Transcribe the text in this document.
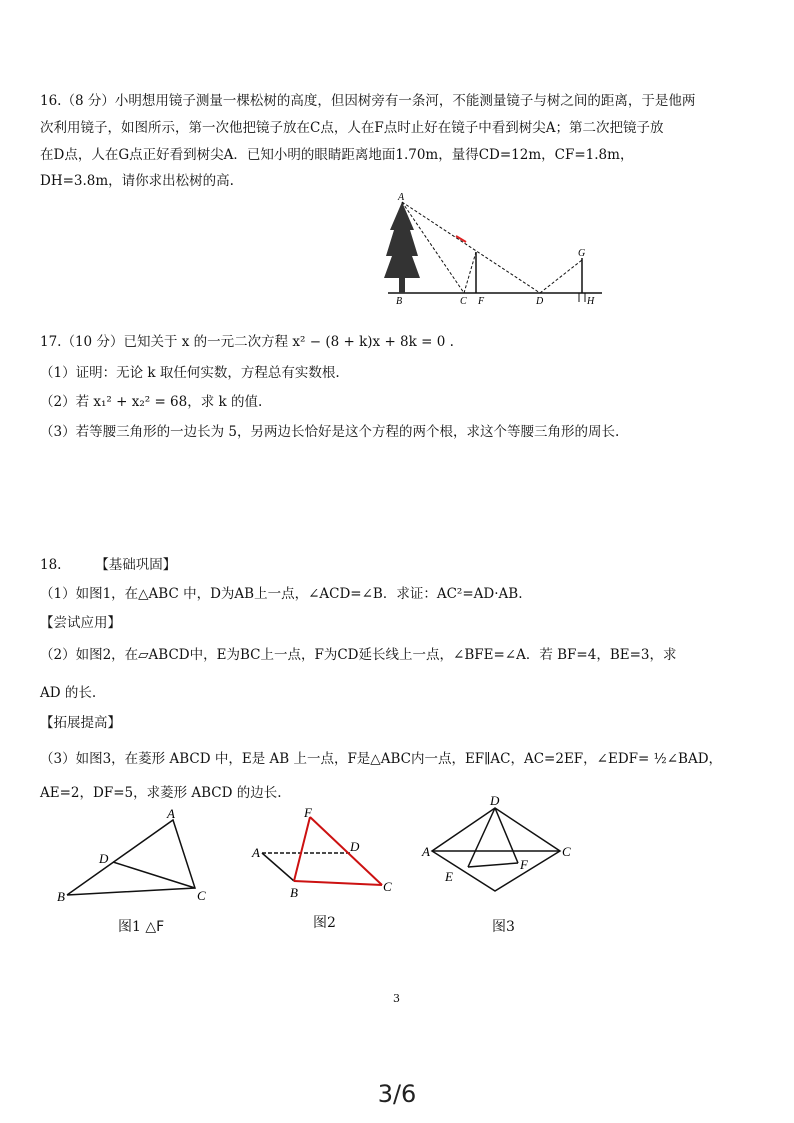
16.（8 分）小明想用镜子测量一棵松树的高度，但因树旁有一条河，不能测量镜子与树之间的距离，于是他两
次利用镜子，如图所示，第一次他把镜子放在C点，人在F点时止好在镜子中看到树尖A；第二次把镜子放
在D点，人在G点正好看到树尖A．已知小明的眼睛距离地面1.70m，量得CD=12m，CF=1.8m，
DH=3.8m，请你求出松树的高.
A
B	C F	D
G
H
17.（10 分）已知关于 x 的一元二次方程 x² − (8 + k)x + 8k = 0 .
（1）证明：无论 k 取任何实数，方程总有实数根.
（2）若 x₁² + x₂² = 68，求 k 的值.
（3）若等腰三角形的一边长为 5，另两边长恰好是这个方程的两个根，求这个等腰三角形的周长.
18.　　　【基础巩固】
（1）如图1，在△ABC 中，D为AB上一点，∠ACD=∠B．求证：AC²=AD·AB.
【尝试应用】
（2）如图2，在▱ABCD中，E为BC上一点，F为CD延长线上一点，∠BFE=∠A．若 BF=4，BE=3，求
AD 的长.
【拓展提高】
（3）如图3，在菱形 ABCD 中，E是 AB 上一点，F是△ABC内一点，EF∥AC，AC=2EF，∠EDF= ½∠BAD，
AE=2，DF=5，求菱形 ABCD 的边长.
A
B	C
D
图1 △F
F
A	D
B	C
图2
D
A	C
E
F
图3
3
3/6
